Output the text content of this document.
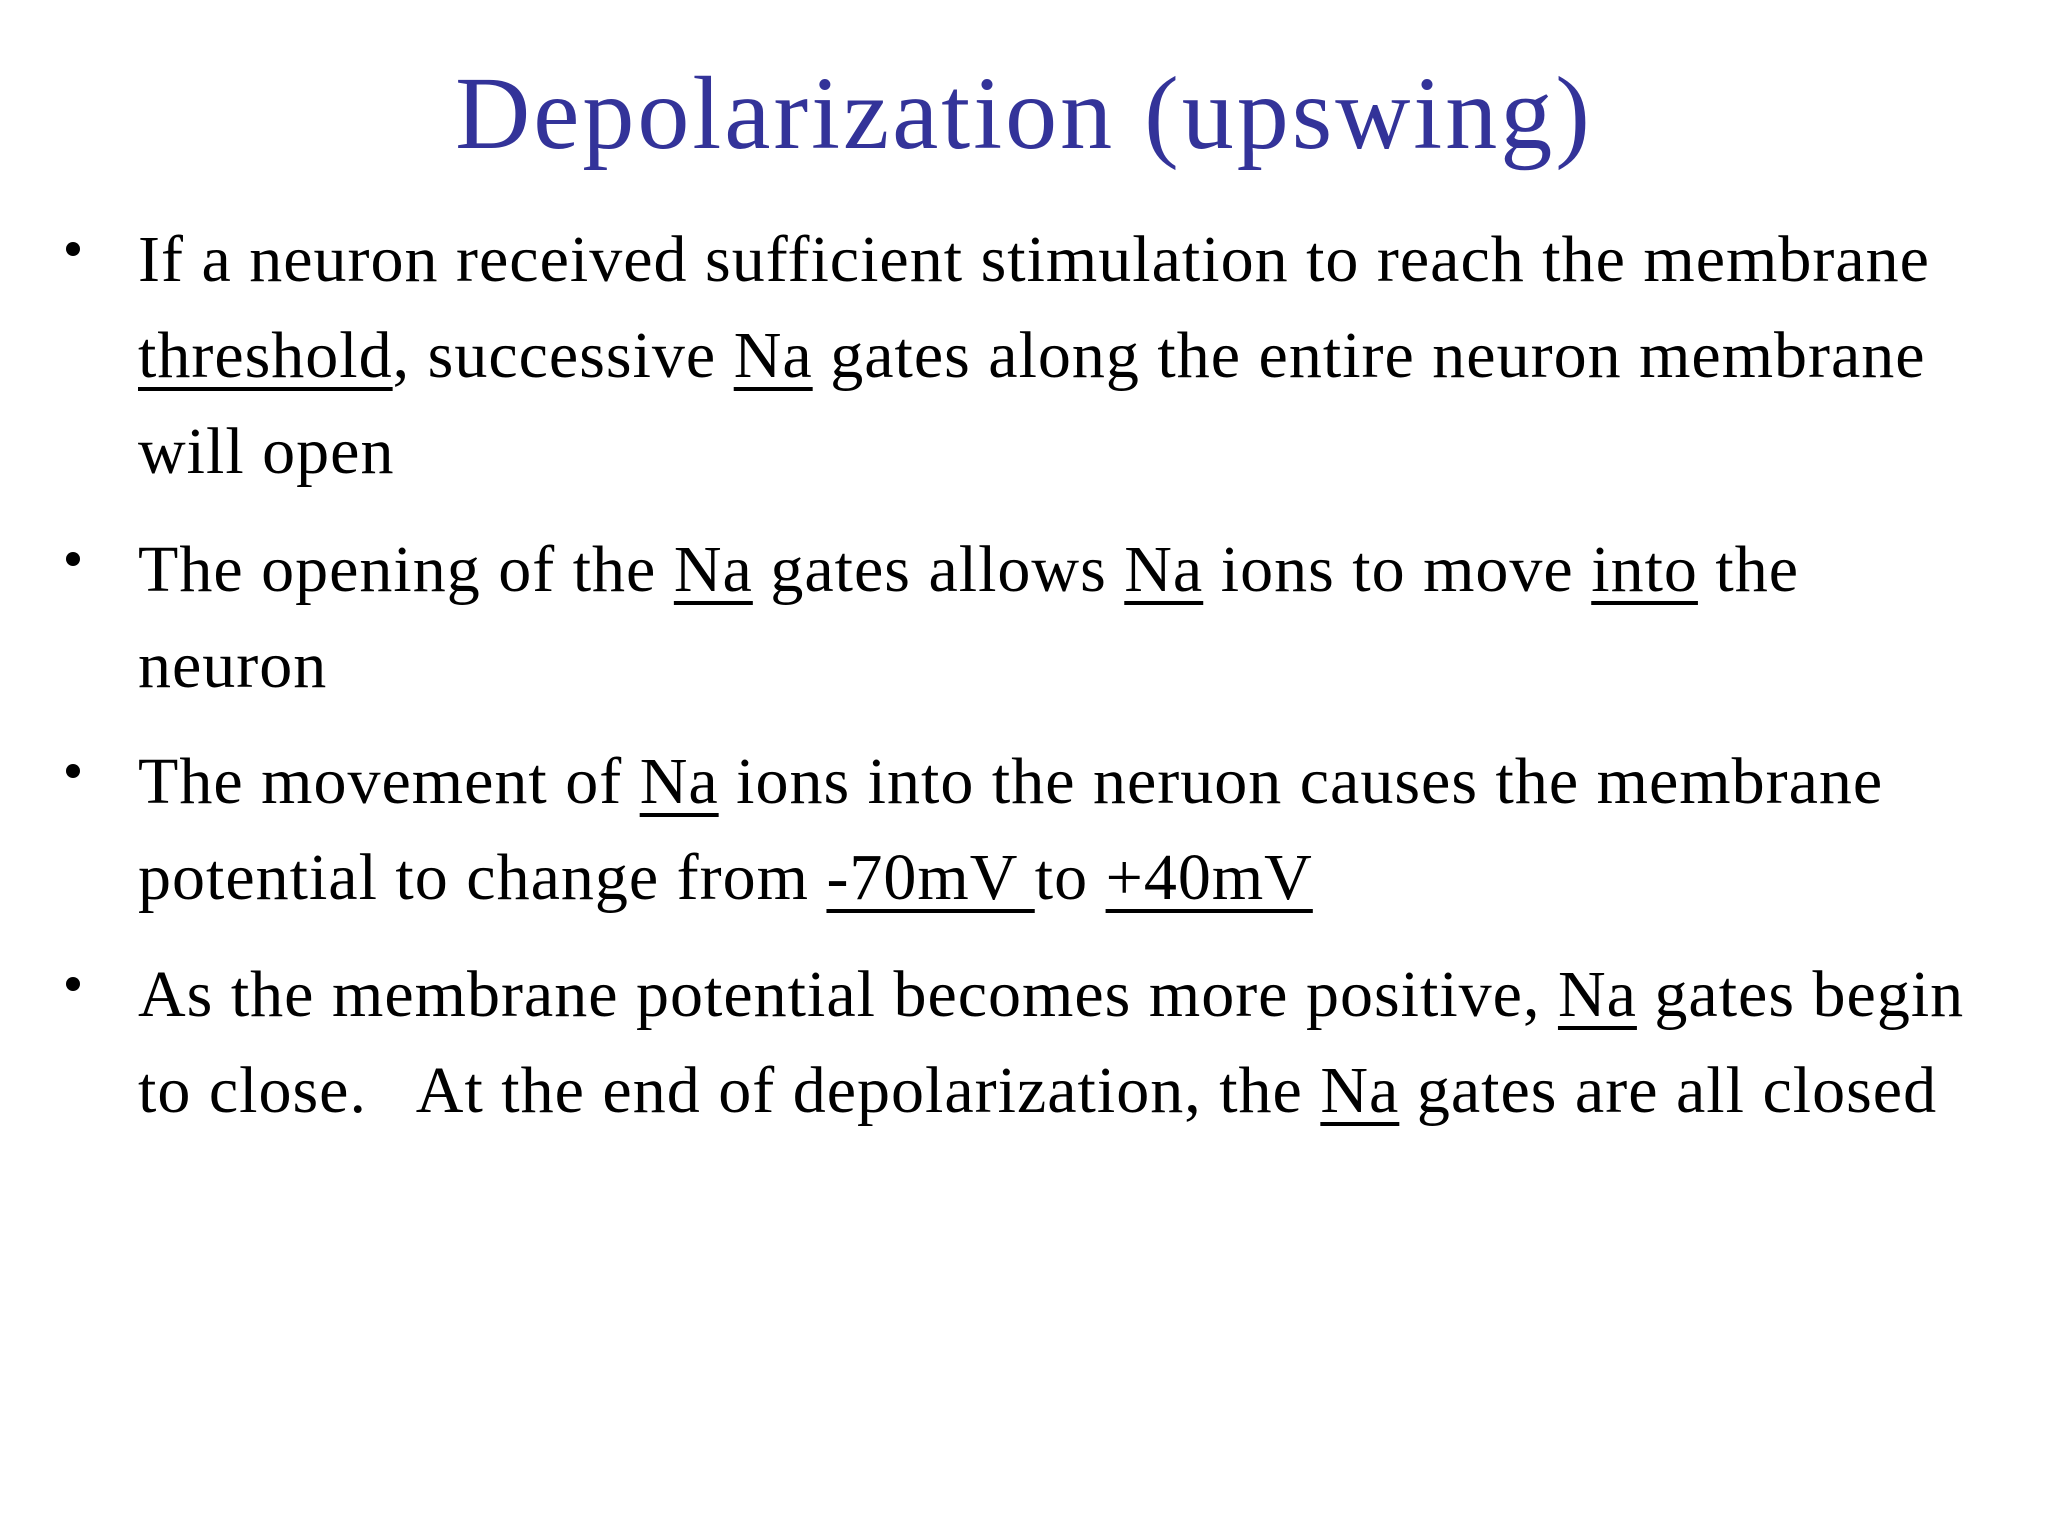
Depolarization (upswing)
If a neuron received sufficient stimulation to reach the membrane threshold, successive Na gates along the entire neuron membrane will open
The opening of the Na gates allows Na ions to move into the neuron
The movement of Na ions into the neruon causes the membrane potential to change from -70mV to +40mV
As the membrane potential becomes more positive, Na gates begin to close.   At the end of depolarization, the Na gates are all closed
